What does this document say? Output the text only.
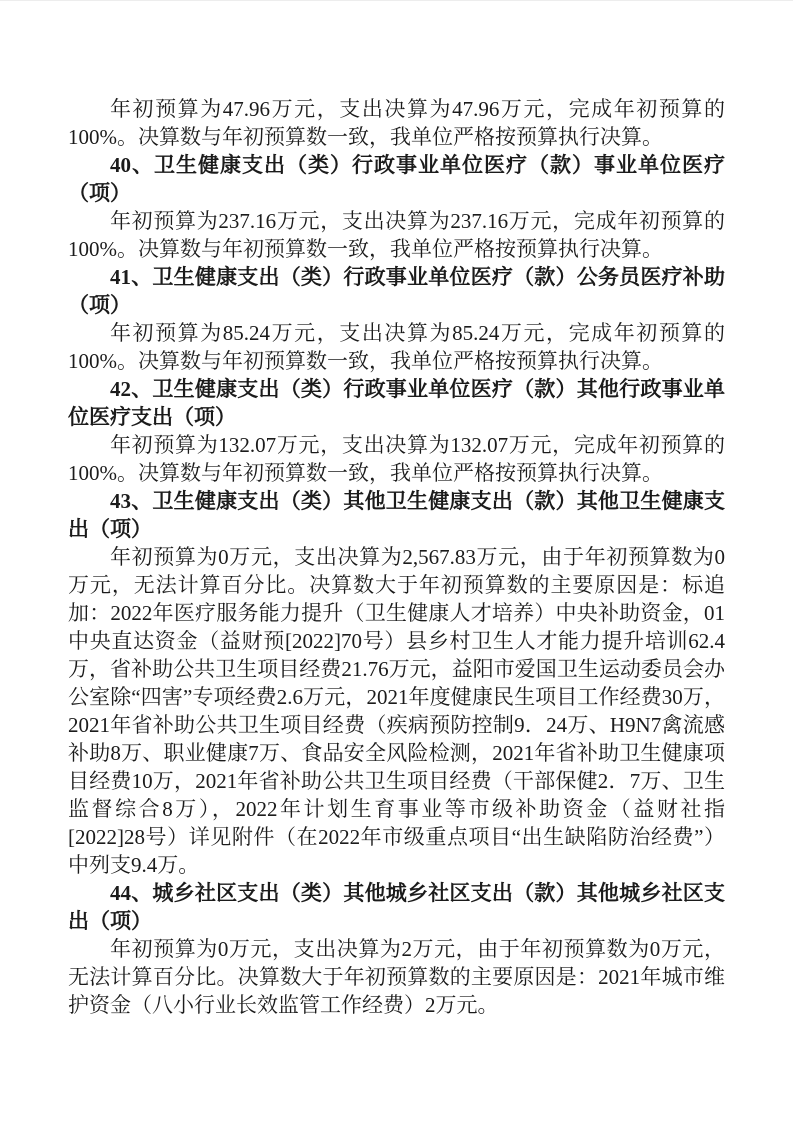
年初预算为47.96万元，支出决算为47.96万元，完成年初预算的100%。决算数与年初预算数一致，我单位严格按预算执行决算。

40、卫生健康支出（类）行政事业单位医疗（款）事业单位医疗（项）

年初预算为237.16万元，支出决算为237.16万元，完成年初预算的100%。决算数与年初预算数一致，我单位严格按预算执行决算。

41、卫生健康支出（类）行政事业单位医疗（款）公务员医疗补助（项）

年初预算为85.24万元，支出决算为85.24万元，完成年初预算的100%。决算数与年初预算数一致，我单位严格按预算执行决算。

42、卫生健康支出（类）行政事业单位医疗（款）其他行政事业单位医疗支出（项）

年初预算为132.07万元，支出决算为132.07万元，完成年初预算的100%。决算数与年初预算数一致，我单位严格按预算执行决算。

43、卫生健康支出（类）其他卫生健康支出（款）其他卫生健康支出（项）

年初预算为0万元，支出决算为2,567.83万元，由于年初预算数为0万元，无法计算百分比。决算数大于年初预算数的主要原因是：标追加：2022年医疗服务能力提升（卫生健康人才培养）中央补助资金，01中央直达资金（益财预[2022]70号）县乡村卫生人才能力提升培训62.4万，省补助公共卫生项目经费21.76万元，益阳市爱国卫生运动委员会办公室除“四害”专项经费2.6万元，2021年度健康民生项目工作经费30万，2021年省补助公共卫生项目经费（疾病预防控制9．24万、H9N7禽流感补助8万、职业健康7万、食品安全风险检测，2021年省补助卫生健康项目经费10万，2021年省补助公共卫生项目经费（干部保健2．7万、卫生监督综合8万），2022年计划生育事业等市级补助资金（益财社指[2022]28号）详见附件（在2022年市级重点项目“出生缺陷防治经费”）中列支9.4万。

44、城乡社区支出（类）其他城乡社区支出（款）其他城乡社区支出（项）

年初预算为0万元，支出决算为2万元，由于年初预算数为0万元，无法计算百分比。决算数大于年初预算数的主要原因是：2021年城市维护资金（八小行业长效监管工作经费）2万元。
